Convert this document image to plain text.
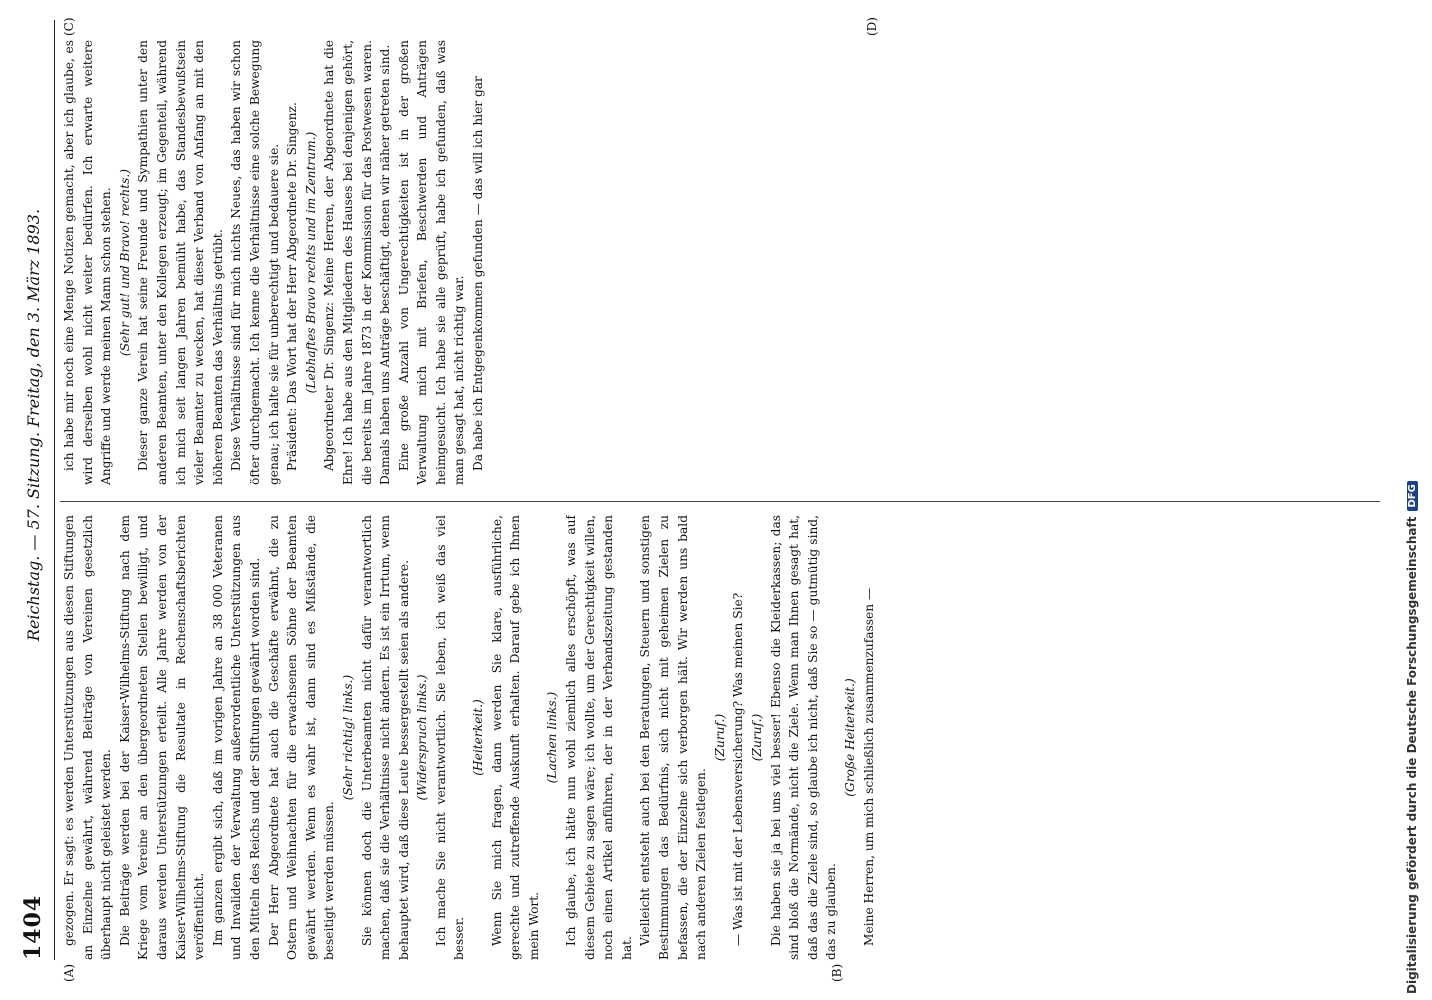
1404
Reichstag. — 57. Sitzung. Freitag, den 3. März 1893.
(A)	(B)
(C)	(D)

gezogen. Er sagt: es werden Unterstützungen aus diesen Stiftungen an Einzelne gewährt, während Beiträge von Vereinen gesetzlich überhaupt nicht geleistet werden. Die Beiträge werden bei der Kaiser-Wilhelms-Stiftung nach dem Kriege vom Vereine an den übergeordneten Stellen bewilligt, und daraus werden Unterstützungen erteilt. Alle Jahre werden von der Kaiser-Wilhelms-Stiftung die Resultate in Rechenschaftsberichten veröffentlicht. Im ganzen ergibt sich, daß im vorigen Jahre an 38 000 Veteranen und Invaliden der Verwaltung außerordentliche Unterstützungen aus den Mitteln des Reichs und der Stiftungen gewährt worden sind. Der Herr Abgeordnete hat auch die Geschäfte erwähnt, die zu Ostern und Weihnachten für die erwachsenen Söhne der Beamten gewährt werden. Wenn es wahr ist, dann sind es Mißstände, die beseitigt werden müssen.

(Sehr richtig! links.) Sie können doch die Unterbeamten nicht dafür verantwortlich machen, daß sie die Verhältnisse nicht ändern. Es ist ein Irrtum, wenn behauptet wird, daß diese Leute bessergestellt seien als andere. (Widerspruch links.) Ich mache Sie nicht verantwortlich. Sie leben, ich weiß das viel besser.

(Heiterkeit.) Wenn Sie mich fragen, dann werden Sie klare, ausführliche, gerechte und zutreffende Auskunft erhalten. Darauf gebe ich Ihnen mein Wort.

(Lachen links.) Ich glaube, ich hätte nun wohl ziemlich alles erschöpft, was auf diesem Gebiete zu sagen wäre; ich wollte, um der Gerechtigkeit willen, noch einen Artikel anführen, der in der Verbandszeitung gestanden hat.

Vielleicht entsteht auch bei den Beratungen, Steuern und sonstigen Bestimmungen das Bedürfnis, sich nicht mit geheimen Zielen zu befassen, die der Einzelne sich verborgen hält. Wir werden uns bald nach anderen Zielen festlegen.

(Zuruf.) — Was ist mit der Lebensversicherung? Was meinen Sie? (Zuruf.) Die haben sie ja bei uns viel besser! Ebenso die Kleiderkassen; das sind bloß die Normände, nicht die Ziele. Wenn man Ihnen gesagt hat, daß das die Ziele sind, so glaube ich nicht, daß Sie so — gutmütig sind, das zu glauben.

(Große Heiterkeit.) Meine Herren, um mich schließlich zusammenzufassen —

ich habe mir noch eine Menge Notizen gemacht, aber ich glaube, es wird derselben wohl nicht weiter bedürfen. Ich erwarte weitere Angriffe und werde meinen Mann schon stehen. (Sehr gut! und Bravo! rechts.) Dieser ganze Verein hat seine Freunde und Sympathien unter den anderen Beamten, unter den Kollegen erzeugt; im Gegenteil, während ich mich seit langen Jahren bemüht habe, das Standesbewußtsein vieler Beamter zu wecken, hat dieser Verband von Anfang an mit den höheren Beamten das Verhältnis getrübt. Diese Verhältnisse sind für mich nichts Neues, das haben wir schon öfter durchgemacht. Ich kenne die Verhältnisse eine solche Bewegung genau; ich halte sie für unberechtigt und bedauere sie. Präsident: Das Wort hat der Herr Abgeordnete Dr. Singenz. (Lebhaftes Bravo rechts und im Zentrum.) Abgeordneter Dr. Singenz: Meine Herren, der Abgeordnete hat die Ehre! Ich habe aus den Mitgliedern des Hauses bei denjenigen gehört, die bereits im Jahre 1873 in der Kommission für das Postwesen waren. Damals haben uns Anträge beschäftigt, denen wir näher getreten sind. Eine große Anzahl von Ungerechtigkeiten ist in der großen Verwaltung mich mit Briefen, Beschwerden und Anträgen heimgesucht. Ich habe sie alle geprüft, habe ich gefunden, daß was man gesagt hat, nicht richtig war. Da habe ich Entgegenkommen gefunden — das will ich hier gar

Digitalisierung gefördert durch die Deutsche Forschungsgemeinschaft
DFG
